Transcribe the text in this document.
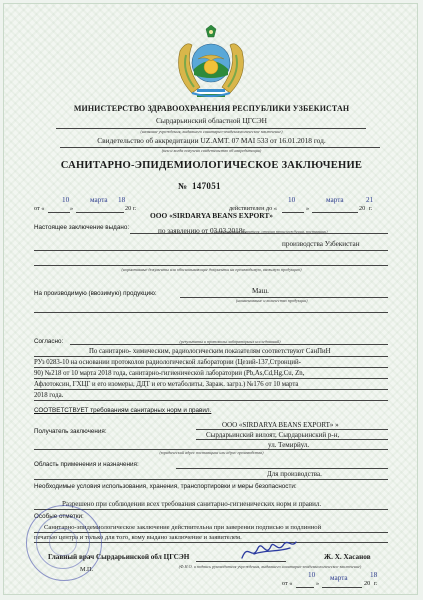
МИНИСТЕРСТВО ЗДРАВООХРАНЕНИЯ РЕСПУБЛИКИ УЗБЕКИСТАН
Сырдарьинский областной ЦГСЭН
(название учреждения, выдавшего санитарно-эпидемиологическое заключение)
Свидетельство об аккредитации UZ.AMT. 07 MAI 533 от 16.01.2018 год.
(кем и когда получено свидетельство об аккредитации)
САНИТАРНО-ЭПИДЕМИОЛОГИЧЕСКОЕ ЗАКЛЮЧЕНИЕ
№ 147051
от «
10
»
марта
20
18
г.	действителен до «
10
»
марта
20
21
г.
ООО «SIRDARYA BEANS EXPORT»
Настоящее заключение выдано:	по заявлению от 03.03.2018г.
(наименование заявителя, страна происхождения, поставщик)
производства Узбекистан
(нормативные документы или обосновывающие документы на производимую, ввозимую продукцию)
На производимую (ввозимую) продукцию:	Маш.
(наименование и количество продукции)
Согласно:	(результаты и протоколы лабораторных исследований)
По санитарно- химическим, радиологическим показателям соответствуют СанПиН
РУз 0283-10 на основании протоколов радиологической лаборатории (Цезий-137,Стронций-
90) №218 от 10 марта 2018 года, санитарно-гигиенической лаборатории (Pb,As,Cd,Hg,Cu, Zn,
Афлотоксин, ГХЦГ и его изомеры, ДДТ и его метаболиты, Зараж. загрз.) №176 от 10 марта
2018 года.
СООТВЕТСТВУЕТ требованиям санитарных норм и правил.
Получатель заключения:
ООО «SIRDARYA BEANS EXPORT» »
Сырдарьинский вилоят, Сырдарьинский р-н,
ул. Темирйул.
(юридический адрес поставщика или адрес производства)
Область применения и назначения:
Для производства.
Необходимые условия использования, хранения, транспортировки и меры безопасности:
Разрешено при соблюдении всех требования санитарно-гигиенических норм и правил.
Особые отметки:
Санитарно-эпидемиологическое заключение действительна при заверении подписью и подлинной
печатью центра и только для того, кому выдано заключение и заявителем.
Главный врач Сырдарьинской обл ЦГСЭН	Ж. Х. Хасанов
М.П.	(Ф.И.О. и подпись руководителя учреждения, выдавшего санитарно-эпидемиологическое заключение)
от «
10
»
марта
20
18
г.
